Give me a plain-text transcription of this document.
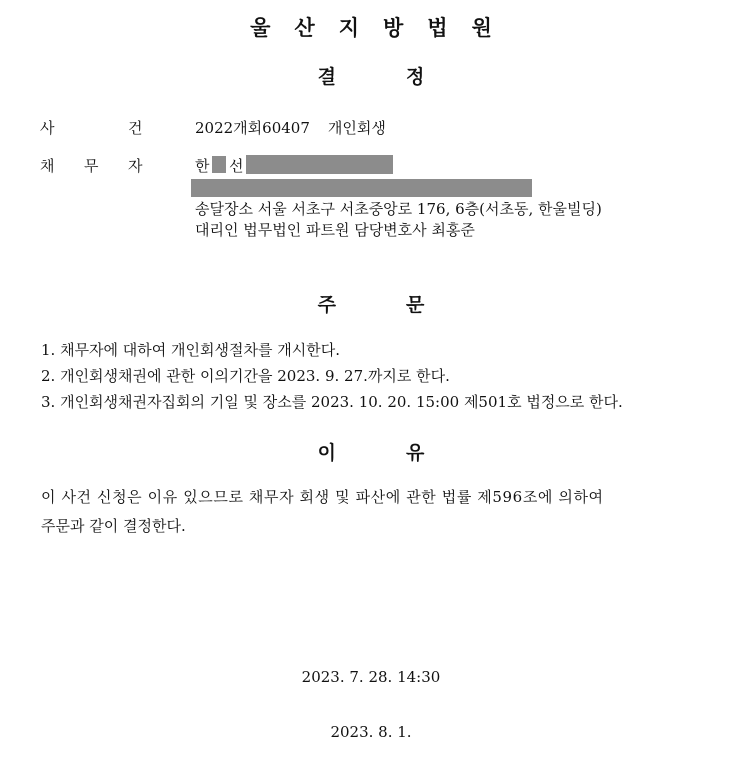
울산지방법원
결정
사	건	2022개회60407 개인회생
채 무 자	한 선
송달장소 서울 서초구 서초중앙로 176, 6층(서초동, 한울빌딩)
대리인 법무법인 파트원 담당변호사 최홍준
주문
1. 채무자에 대하여 개인회생절차를 개시한다.
2. 개인회생채권에 관한 이의기간을 2023. 9. 27.까지로 한다.
3. 개인회생채권자집회의 기일 및 장소를 2023. 10. 20. 15:00 제501호 법정으로 한다.
이유
이 사건 신청은 이유 있으므로 채무자 회생 및 파산에 관한 법률 제596조에 의하여
주문과 같이 결정한다.
2023. 7. 28. 14:30
2023. 8. 1.
